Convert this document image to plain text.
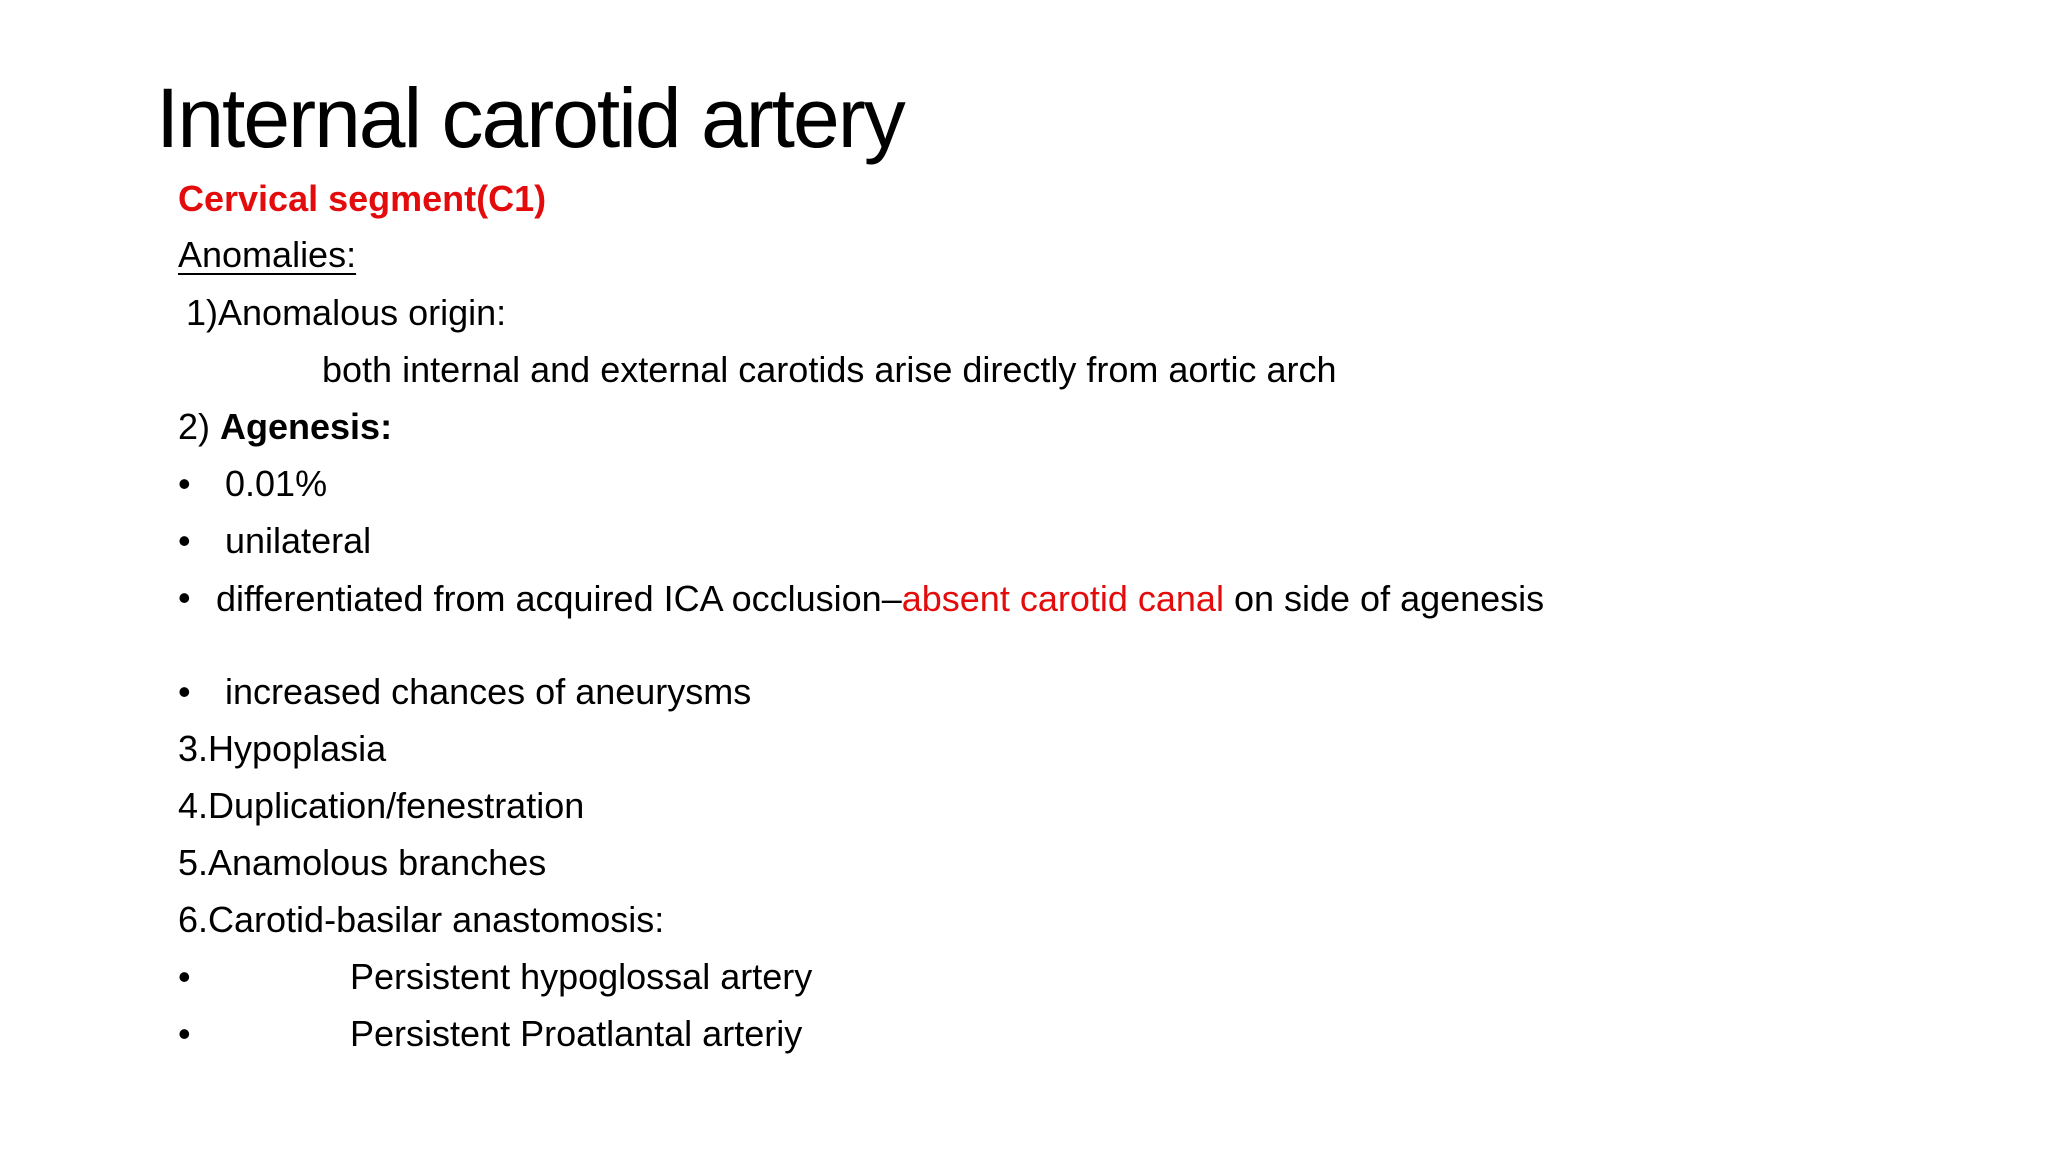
Internal carotid artery
Cervical segment(C1)
Anomalies:
1)Anomalous origin:
both internal and external carotids arise directly from aortic arch
2) Agenesis:
• 0.01%
• unilateral
• differentiated from acquired ICA occlusion–absent carotid canal on side of agenesis
• increased chances of aneurysms
3.Hypoplasia
4.Duplication/fenestration
5.Anamolous branches
6.Carotid-basilar anastomosis:
•	Persistent hypoglossal artery
•	Persistent Proatlantal arteriy
